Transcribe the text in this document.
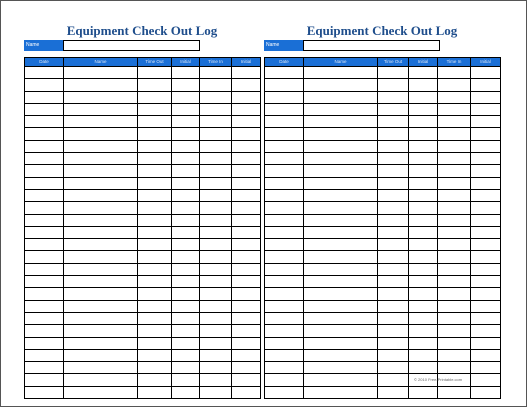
Equipment Check Out Log
Name
Date	Name	Time Out	Initial	Time In	Initial

Equipment Check Out Log
Name
Date	Name	Time Out	Initial	Time In	Initial

© 2010 Free-Printable.com
